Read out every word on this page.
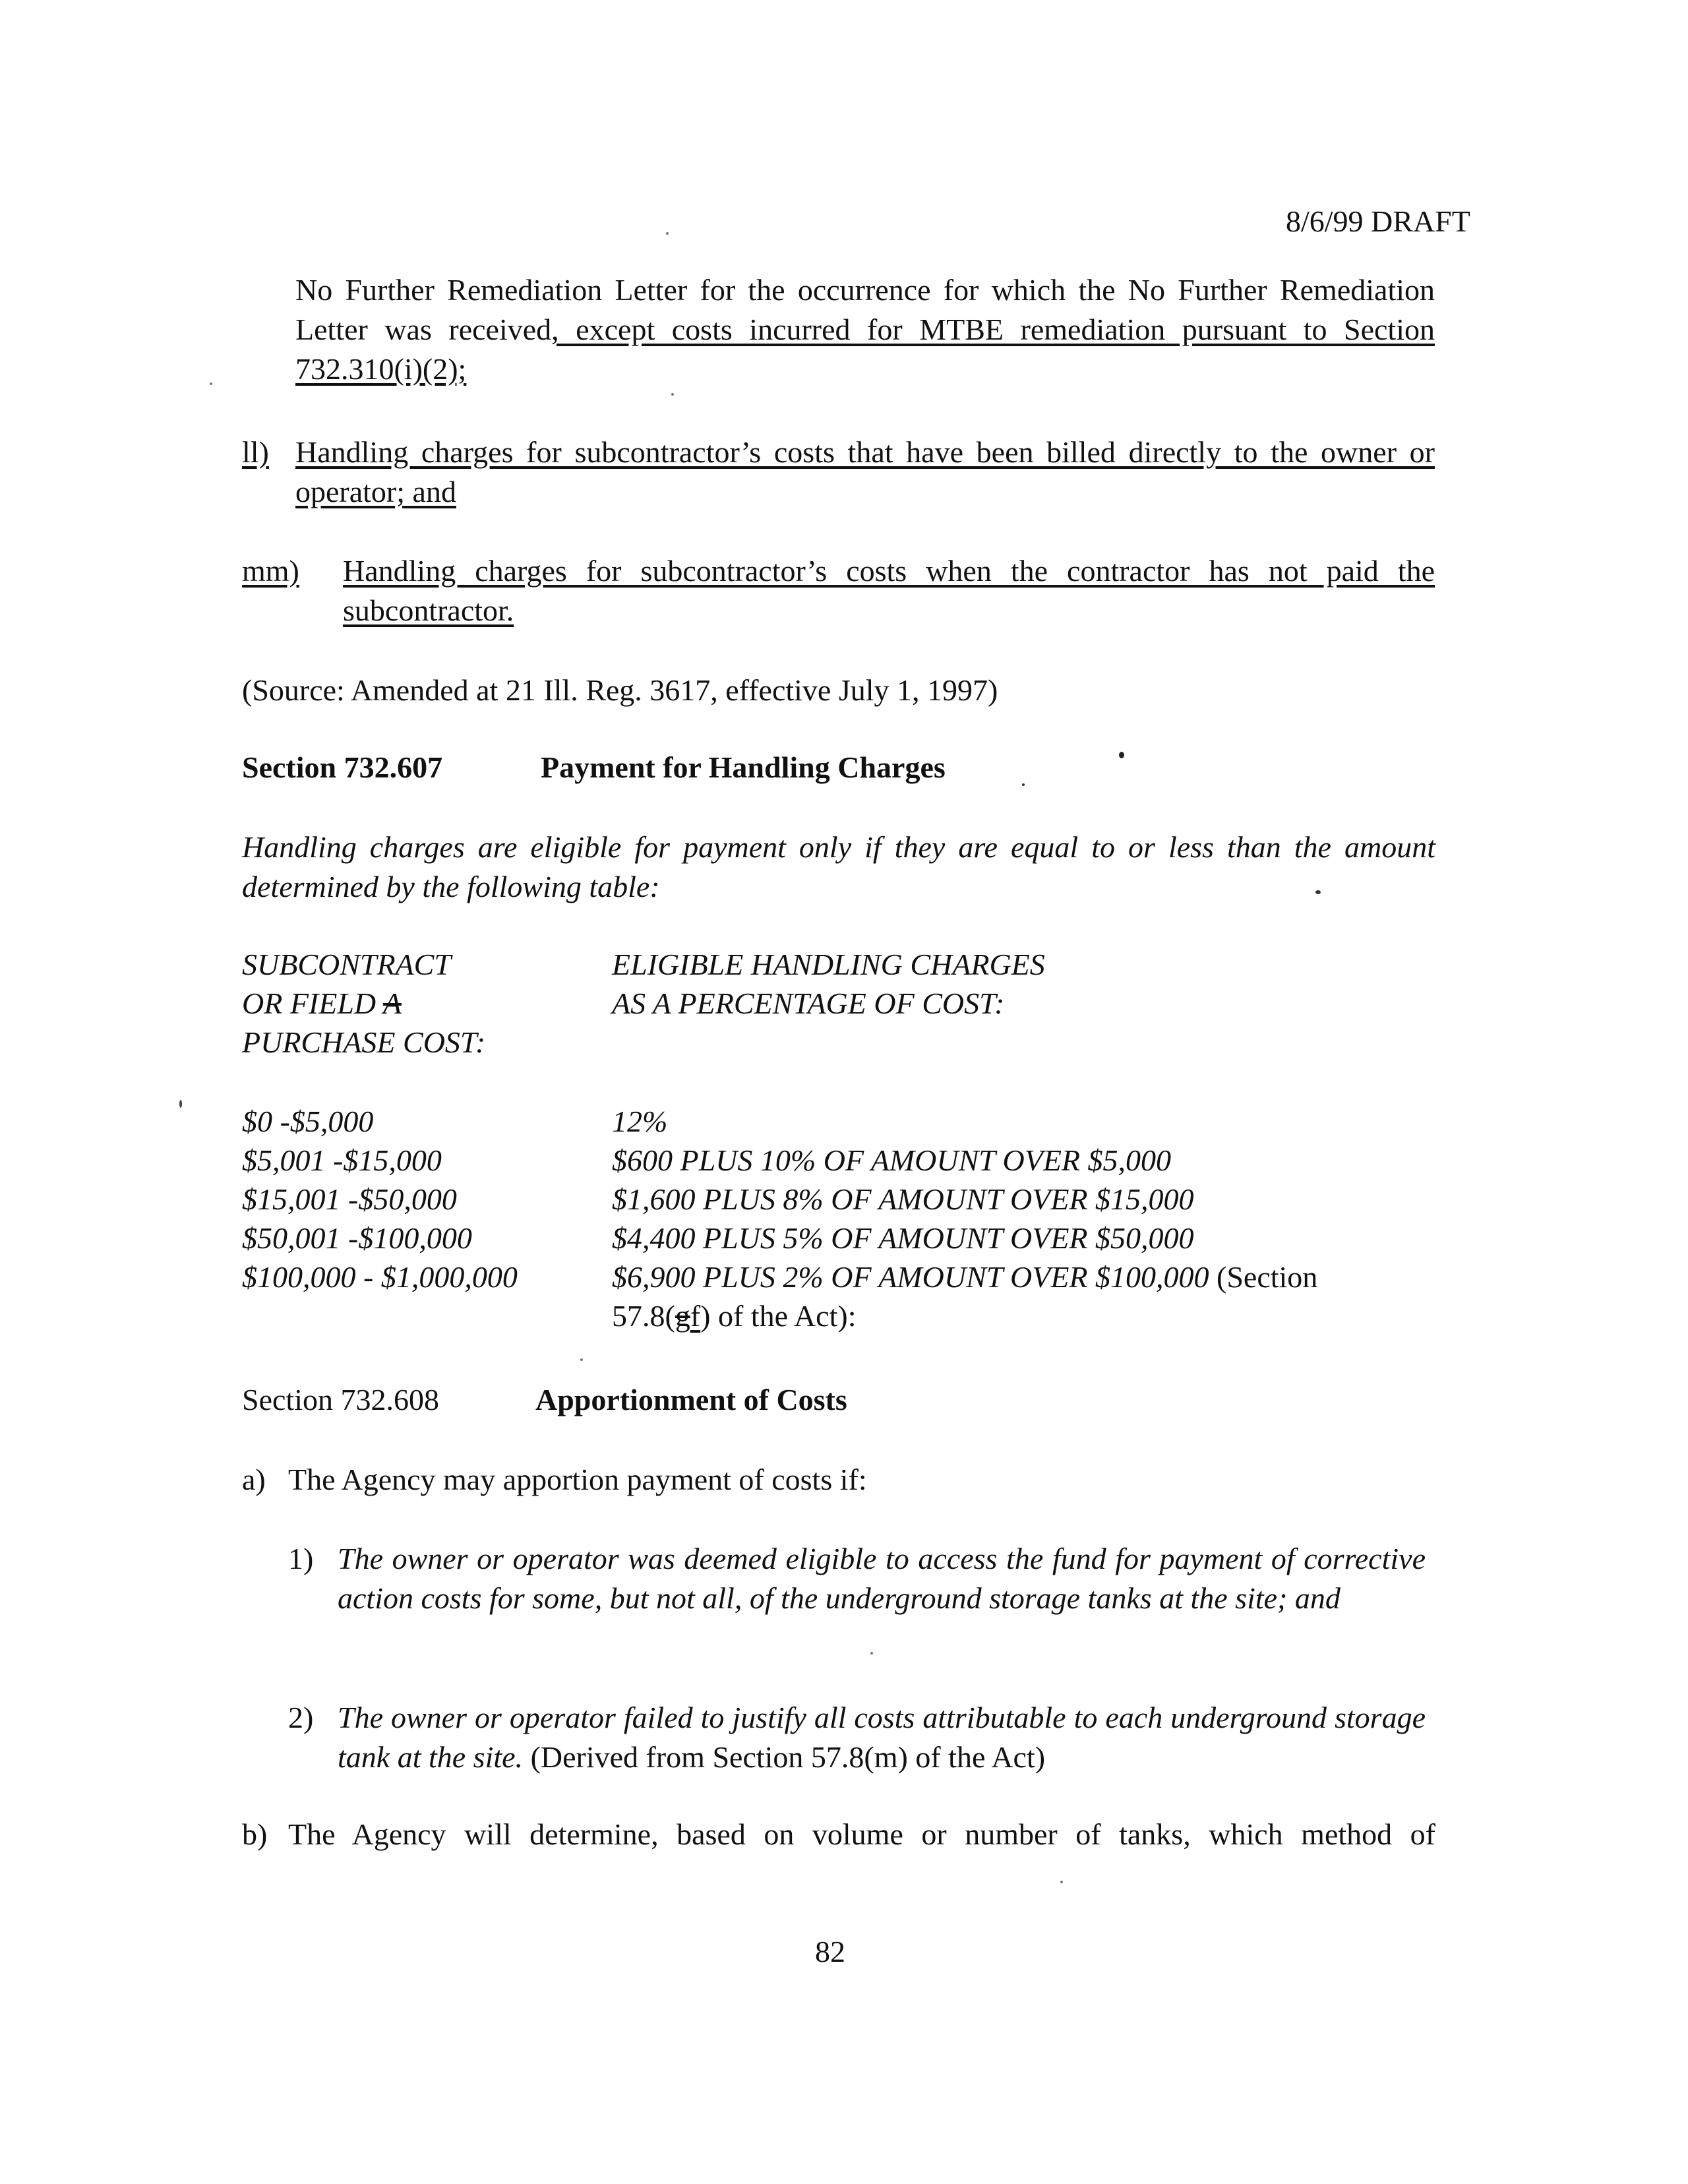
8/6/99 DRAFT
No Further Remediation Letter for the occurrence for which the No Further Remediation Letter was received, except costs incurred for MTBE remediation pursuant to Section 732.310(i)(2);
ll) Handling charges for subcontractor’s costs that have been billed directly to the owner or operator; and
mm) Handling charges for subcontractor’s costs when the contractor has not paid the subcontractor.
(Source: Amended at 21 Ill. Reg. 3617, effective July 1, 1997)
Section 732.607	Payment for Handling Charges
Handling charges are eligible for payment only if they are equal to or less than the amount determined by the following table:
SUBCONTRACT
OR FIELD A
PURCHASE COST:
ELIGIBLE HANDLING CHARGES
AS A PERCENTAGE OF COST:
$0 -$5,000
$5,001 -$15,000
$15,001 -$50,000
$50,001 -$100,000
$100,000 - $1,000,000
12%
$600 PLUS 10% OF AMOUNT OVER $5,000
$1,600 PLUS 8% OF AMOUNT OVER $15,000
$4,400 PLUS 5% OF AMOUNT OVER $50,000
$6,900 PLUS 2% OF AMOUNT OVER $100,000 (Section
57.8(gf) of the Act):
Section 732.608	Apportionment of Costs
a) The Agency may apportion payment of costs if:
1) The owner or operator was deemed eligible to access the fund for payment of corrective action costs for some, but not all, of the underground storage tanks at the site; and
2) The owner or operator failed to justify all costs attributable to each underground storage tank at the site. (Derived from Section 57.8(m) of the Act)
b) The Agency will determine, based on volume or number of tanks, which method of
82
